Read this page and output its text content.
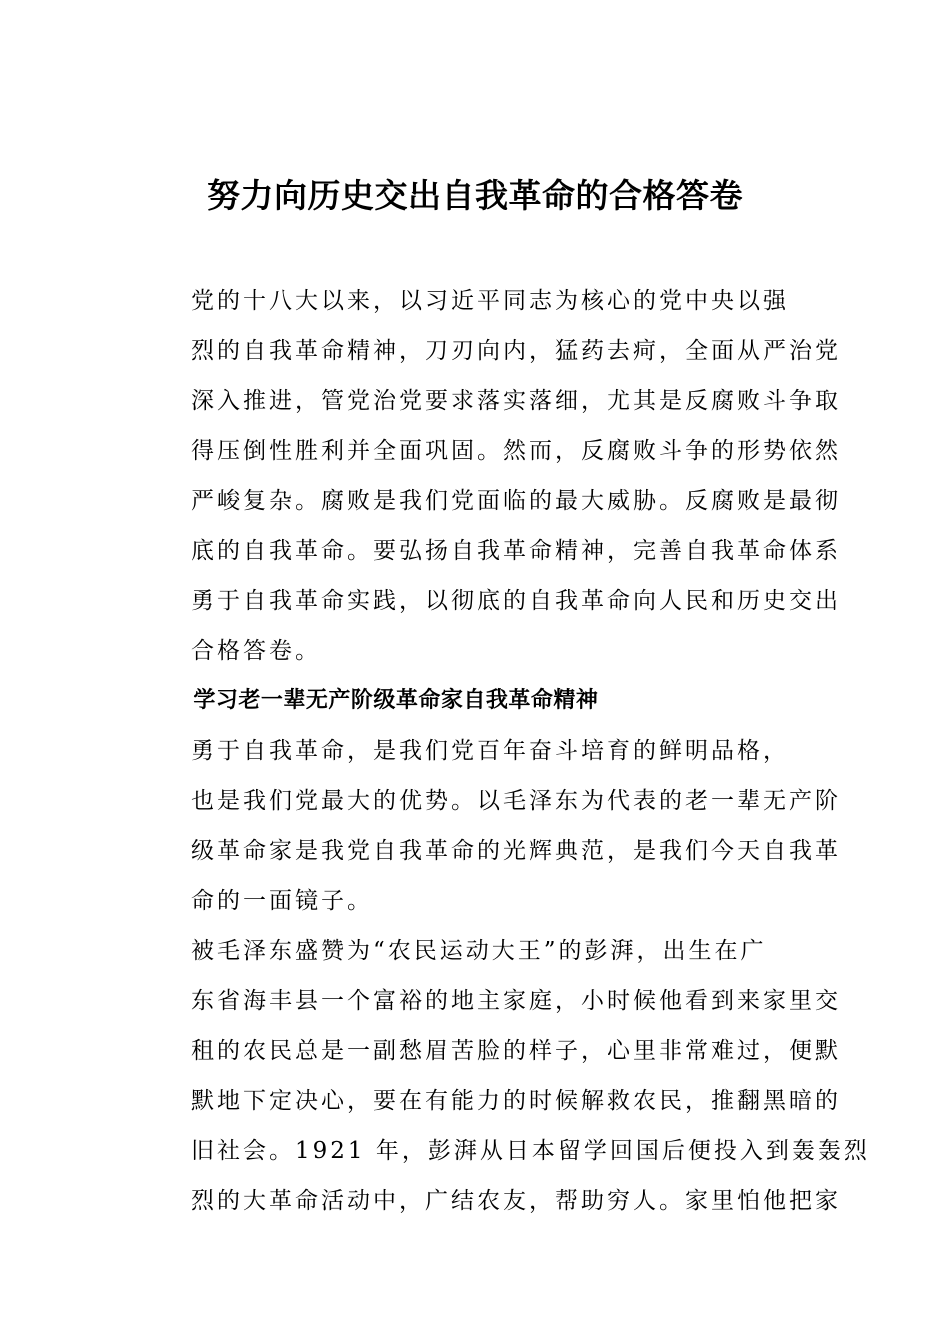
努力向历史交出自我革命的合格答卷

党的十八大以来，以习近平同志为核心的党中央以强
烈的自我革命精神，刀刃向内，猛药去疴，全面从严治党
深入推进，管党治党要求落实落细，尤其是反腐败斗争取
得压倒性胜利并全面巩固。然而，反腐败斗争的形势依然
严峻复杂。腐败是我们党面临的最大威胁。反腐败是最彻
底的自我革命。要弘扬自我革命精神，完善自我革命体系
勇于自我革命实践，以彻底的自我革命向人民和历史交出
合格答卷。

学习老一辈无产阶级革命家自我革命精神

勇于自我革命，是我们党百年奋斗培育的鲜明品格，
也是我们党最大的优势。以毛泽东为代表的老一辈无产阶
级革命家是我党自我革命的光辉典范，是我们今天自我革
命的一面镜子。

被毛泽东盛赞为“农民运动大王”的彭湃，出生在广
东省海丰县一个富裕的地主家庭，小时候他看到来家里交
租的农民总是一副愁眉苦脸的样子，心里非常难过，便默
默地下定决心，要在有能力的时候解救农民，推翻黑暗的
旧社会。1921 年，彭湃从日本留学回国后便投入到轰轰烈
烈的大革命活动中，广结农友，帮助穷人。家里怕他把家
